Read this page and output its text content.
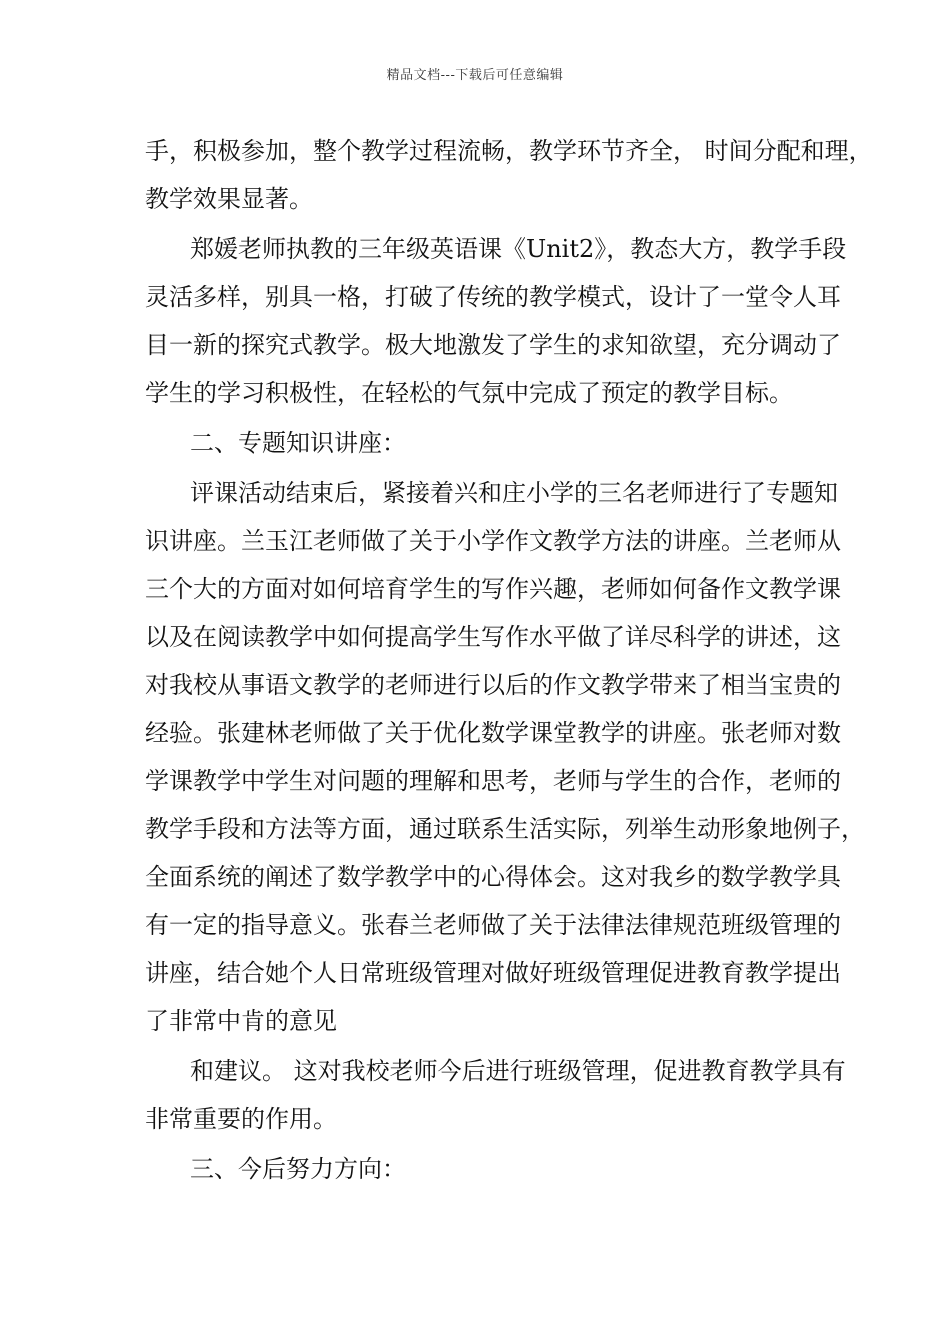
精品文档---下载后可任意编辑
手，积极参加，整个教学过程流畅，教学环节齐全， 时间分配和理，
教学效果显著。
郑媛老师执教的三年级英语课《Unit2》，教态大方，教学手段
灵活多样，别具一格，打破了传统的教学模式，设计了一堂令人耳
目一新的探究式教学。极大地激发了学生的求知欲望，充分调动了
学生的学习积极性，在轻松的气氛中完成了预定的教学目标。
二、专题知识讲座：
评课活动结束后，紧接着兴和庄小学的三名老师进行了专题知
识讲座。兰玉江老师做了关于小学作文教学方法的讲座。兰老师从
三个大的方面对如何培育学生的写作兴趣，老师如何备作文教学课
以及在阅读教学中如何提高学生写作水平做了详尽科学的讲述，这
对我校从事语文教学的老师进行以后的作文教学带来了相当宝贵的
经验。张建林老师做了关于优化数学课堂教学的讲座。张老师对数
学课教学中学生对问题的理解和思考，老师与学生的合作，老师的
教学手段和方法等方面，通过联系生活实际，列举生动形象地例子，
全面系统的阐述了数学教学中的心得体会。这对我乡的数学教学具
有一定的指导意义。张春兰老师做了关于法律法律规范班级管理的
讲座，结合她个人日常班级管理对做好班级管理促进教育教学提出
了非常中肯的意见
和建议。 这对我校老师今后进行班级管理，促进教育教学具有
非常重要的作用。
三、今后努力方向：
